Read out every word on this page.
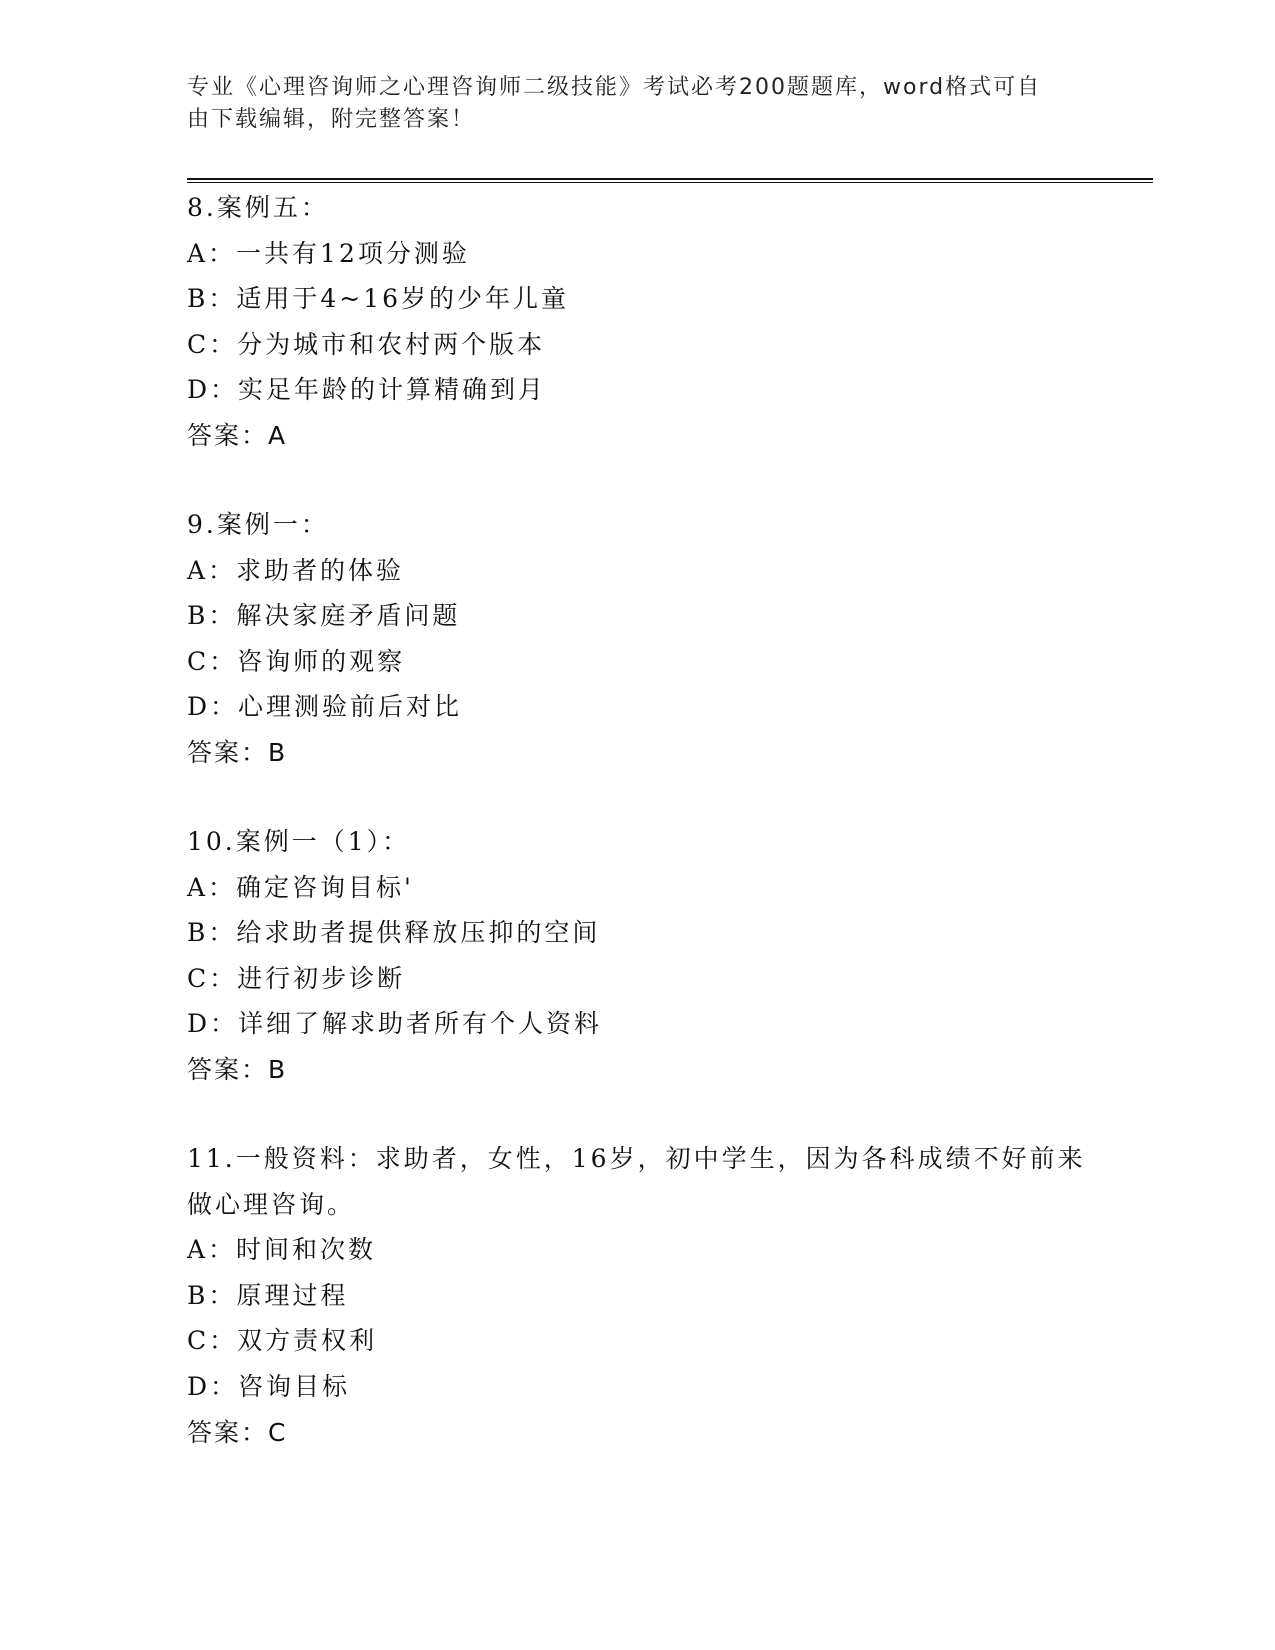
专业《心理咨询师之心理咨询师二级技能》考试必考200题题库，word格式可自
由下载编辑，附完整答案！
8.案例五：
A：一共有12项分测验
B：适用于4~16岁的少年儿童
C：分为城市和农村两个版本
D：实足年龄的计算精确到月
答案：A
9.案例一：
A：求助者的体验
B：解决家庭矛盾问题
C：咨询师的观察
D：心理测验前后对比
答案：B
10.案例一（1）：
A：确定咨询目标'
B：给求助者提供释放压抑的空间
C：进行初步诊断
D：详细了解求助者所有个人资料
答案：B
11.一般资料：求助者，女性，16岁，初中学生，因为各科成绩不好前来做心理咨询。
A：时间和次数
B：原理过程
C：双方责权利
D：咨询目标
答案：C
